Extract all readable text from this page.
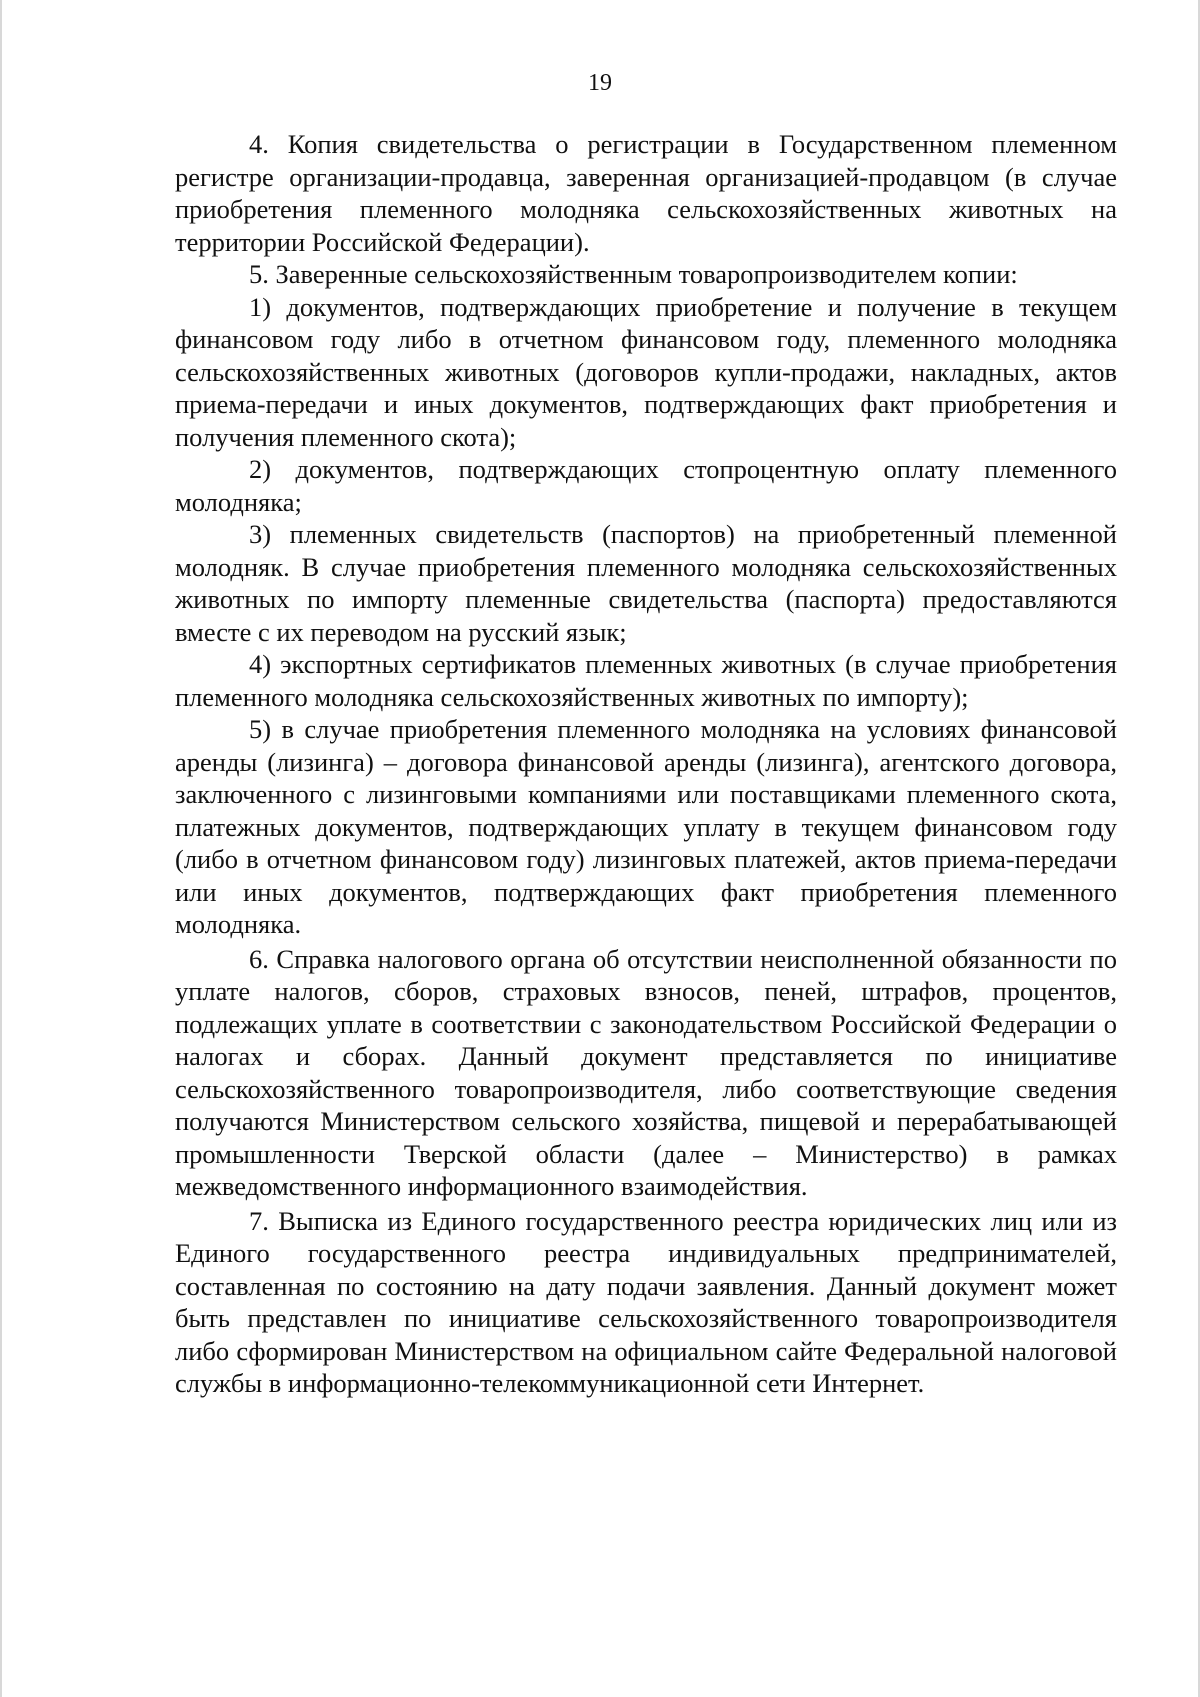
19

4. Копия свидетельства о регистрации в Государственном племенном регистре организации-продавца, заверенная организацией-продавцом (в случае приобретения племенного молодняка сельскохозяйственных животных на территории Российской Федерации).

5. Заверенные сельскохозяйственным товаропроизводителем копии:

1) документов, подтверждающих приобретение и получение в текущем финансовом году либо в отчетном финансовом году, племенного молодняка сельскохозяйственных животных (договоров купли-продажи, накладных, актов приема-передачи и иных документов, подтверждающих факт приобретения и получения племенного скота);

2) документов, подтверждающих стопроцентную оплату племенного молодняка;

3) племенных свидетельств (паспортов) на приобретенный племенной молодняк. В случае приобретения племенного молодняка сельскохозяйственных животных по импорту племенные свидетельства (паспорта) предоставляются вместе с их переводом на русский язык;

4) экспортных сертификатов племенных животных (в случае приобретения племенного молодняка сельскохозяйственных животных по импорту);

5) в случае приобретения племенного молодняка на условиях финансовой аренды (лизинга) – договора финансовой аренды (лизинга), агентского договора, заключенного с лизинговыми компаниями или поставщиками племенного скота, платежных документов, подтверждающих уплату в текущем финансовом году (либо в отчетном финансовом году) лизинговых платежей, актов приема-передачи или иных документов, подтверждающих факт приобретения племенного молодняка.

6. Справка налогового органа об отсутствии неисполненной обязанности по уплате налогов, сборов, страховых взносов, пеней, штрафов, процентов, подлежащих уплате в соответствии с законодательством Российской Федерации о налогах и сборах. Данный документ представляется по инициативе сельскохозяйственного товаропроизводителя, либо соответствующие сведения получаются Министерством сельского хозяйства, пищевой и перерабатывающей промышленности Тверской области (далее – Министерство) в рамках межведомственного информационного взаимодействия.

7. Выписка из Единого государственного реестра юридических лиц или из Единого государственного реестра индивидуальных предпринимателей, составленная по состоянию на дату подачи заявления. Данный документ может быть представлен по инициативе сельскохозяйственного товаропроизводителя либо сформирован Министерством на официальном сайте Федеральной налоговой службы в информационно-телекоммуникационной сети Интернет.
